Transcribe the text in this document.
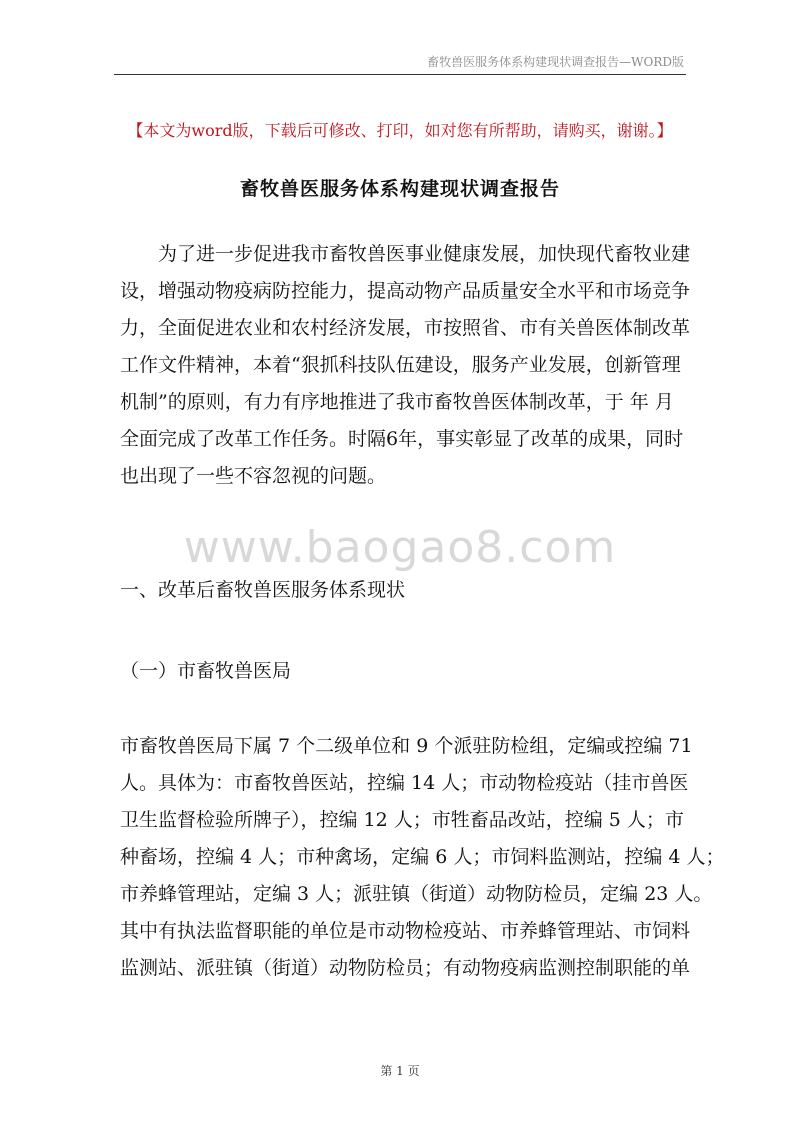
畜牧兽医服务体系构建现状调查报告—WORD版
【本文为word版，下载后可修改、打印，如对您有所帮助，请购买，谢谢。】
畜牧兽医服务体系构建现状调查报告
为了进一步促进我市畜牧兽医事业健康发展，加快现代畜牧业建
设，增强动物疫病防控能力，提高动物产品质量安全水平和市场竞争
力，全面促进农业和农村经济发展，市按照省、市有关兽医体制改革
工作文件精神，本着“狠抓科技队伍建设，服务产业发展，创新管理
机制”的原则，有力有序地推进了我市畜牧兽医体制改革，于 年 月
全面完成了改革工作任务。时隔6年，事实彰显了改革的成果，同时
也出现了一些不容忽视的问题。
www.baogao8.com
一、改革后畜牧兽医服务体系现状
（一）市畜牧兽医局
市畜牧兽医局下属 7 个二级单位和 9 个派驻防检组，定编或控编 71
人。具体为：市畜牧兽医站，控编 14 人；市动物检疫站（挂市兽医
卫生监督检验所牌子），控编 12 人；市牲畜品改站，控编 5 人；市
种畜场，控编 4 人；市种禽场，定编 6 人；市饲料监测站，控编 4 人；
市养蜂管理站，定编 3 人；派驻镇（街道）动物防检员，定编 23 人。
其中有执法监督职能的单位是市动物检疫站、市养蜂管理站、市饲料
监测站、派驻镇（街道）动物防检员；有动物疫病监测控制职能的单
第 1 页
